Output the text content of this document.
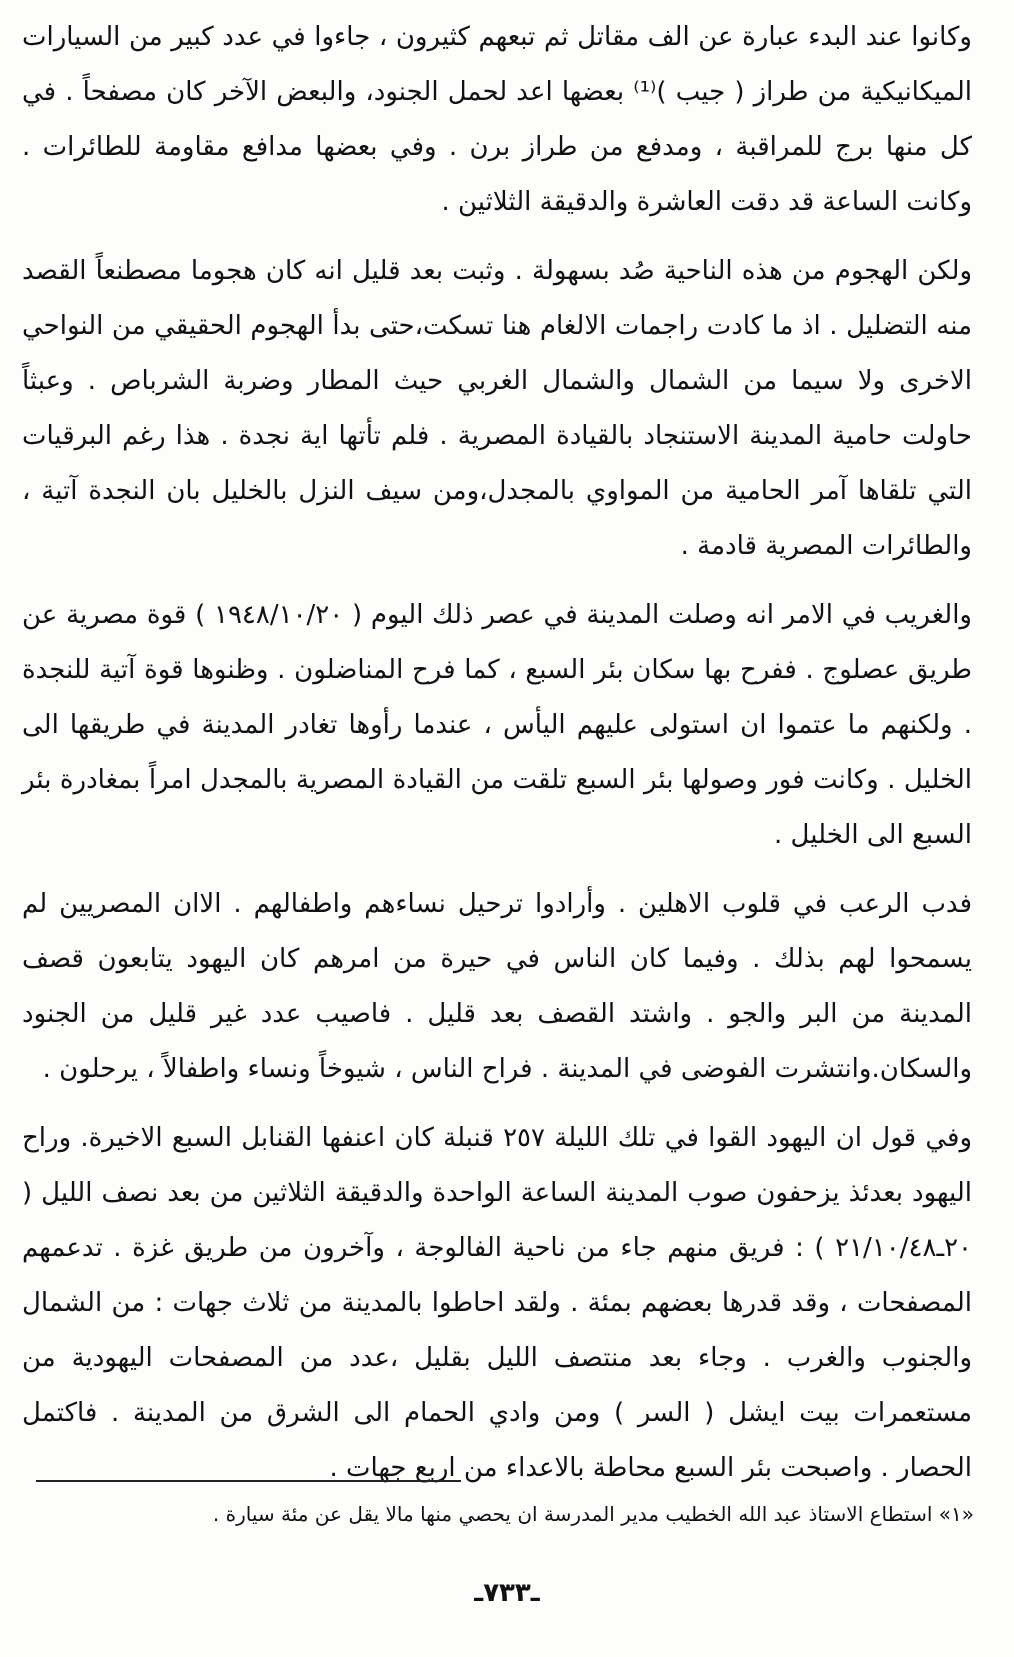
وكانوا عند البدء عبارة عن الف مقاتل ثم تبعهم كثيرون ، جاءوا في عدد كبير من السيارات الميكانيكية من طراز ( جيب )⁽¹⁾ بعضها اعد لحمل الجنود، والبعض الآخر كان مصفحاً . في كل منها برج للمراقبة ، ومدفع من طراز برن . وفي بعضها مدافع مقاومة للطائرات . وكانت الساعة قد دقت العاشرة والدقيقة الثلاثين .

ولكن الهجوم من هذه الناحية صُد بسهولة . وثبت بعد قليل انه كان هجوما مصطنعاً القصد منه التضليل . اذ ما كادت راجمات الالغام هنا تسكت،حتى بدأ الهجوم الحقيقي من النواحي الاخرى ولا سيما من الشمال والشمال الغربي حيث المطار وضربة الشرباص . وعبثاً حاولت حامية المدينة الاستنجاد بالقيادة المصرية . فلم تأتها اية نجدة . هذا رغم البرقيات التي تلقاها آمر الحامية من المواوي بالمجدل،ومن سيف النزل بالخليل بان النجدة آتية ، والطائرات المصرية قادمة .

والغريب في الامر انه وصلت المدينة في عصر ذلك اليوم ( ١٩٤٨/١٠/٢٠ ) قوة مصرية عن طريق عصلوج . ففرح بها سكان بئر السبع ، كما فرح المناضلون . وظنوها قوة آتية للنجدة . ولكنهم ما عتموا ان استولى عليهم اليأس ، عندما رأوها تغادر المدينة في طريقها الى الخليل . وكانت فور وصولها بئر السبع تلقت من القيادة المصرية بالمجدل امراً بمغادرة بئر السبع الى الخليل .

فدب الرعب في قلوب الاهلين . وأرادوا ترحيل نساءهم واطفالهم . الاان المصريين لم يسمحوا لهم بذلك . وفيما كان الناس في حيرة من امرهم كان اليهود يتابعون قصف المدينة من البر والجو . واشتد القصف بعد قليل . فاصيب عدد غير قليل من الجنود والسكان.وانتشرت الفوضى في المدينة . فراح الناس ، شيوخاً ونساء واطفالاً ، يرحلون .

وفي قول ان اليهود القوا في تلك الليلة ٢٥٧ قنبلة كان اعنفها القنابل السبع الاخيرة. وراح اليهود بعدئذ يزحفون صوب المدينة الساعة الواحدة والدقيقة الثلاثين من بعد نصف الليل ( ٢٠ـ٢١/١٠/٤٨ ) : فريق منهم جاء من ناحية الفالوجة ، وآخرون من طريق غزة . تدعمهم المصفحات ، وقد قدرها بعضهم بمئة . ولقد احاطوا بالمدينة من ثلاث جهات : من الشمال والجنوب والغرب . وجاء بعد منتصف الليل بقليل ،عدد من المصفحات اليهودية من مستعمرات بيت ايشل ( السر ) ومن وادي الحمام الى الشرق من المدينة . فاكتمل الحصار . واصبحت بئر السبع محاطة بالاعداء من اربع جهات .

«١» استطاع الاستاذ عبد الله الخطيب مدير المدرسة ان يحصي منها مالا يقل عن مئة سيارة .
ـ٧٣٣ـ
